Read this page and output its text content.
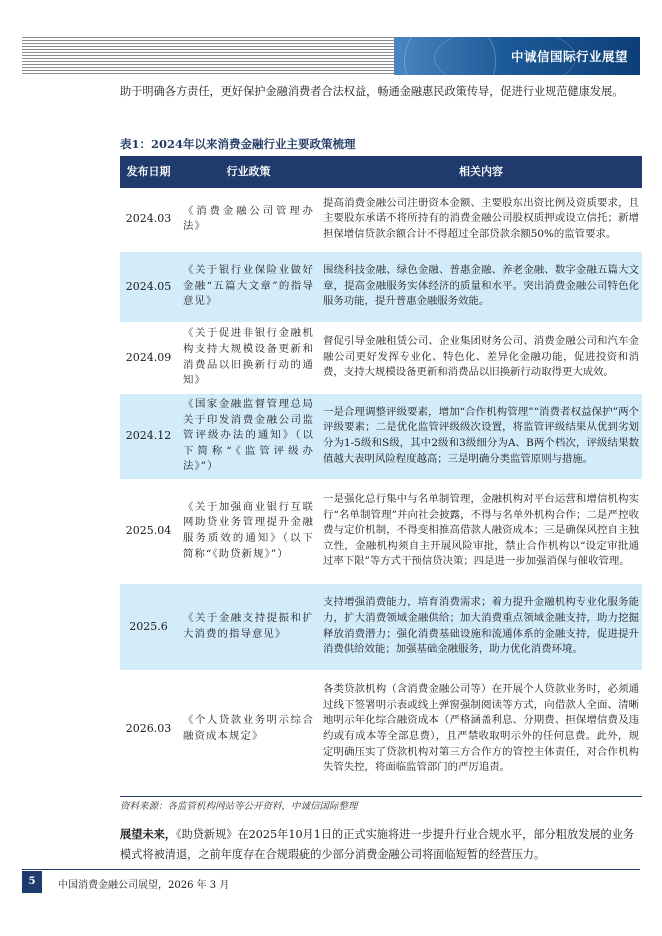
中诚信国际行业展望
助于明确各方责任，更好保护金融消费者合法权益，畅通金融惠民政策传导，促进行业规范健康发展。
表1：2024年以来消费金融行业主要政策梳理
发布日期	行业政策	相关内容
2024.03	《消费金融公司管理办法》	提高消费金融公司注册资本金额、主要股东出资比例及资质要求，且主要股东承诺不将所持有的消费金融公司股权质押或设立信托；新增担保增信贷款余额合计不得超过全部贷款余额50%的监管要求。
2024.05	《关于银行业保险业做好金融“五篇大文章”的指导意见》	围绕科技金融、绿色金融、普惠金融、养老金融、数字金融五篇大文章，提高金融服务实体经济的质量和水平。突出消费金融公司特色化服务功能，提升普惠金融服务效能。
2024.09	《关于促进非银行金融机构支持大规模设备更新和消费品以旧换新行动的通知》	督促引导金融租赁公司、企业集团财务公司、消费金融公司和汽车金融公司更好发挥专业化、特色化、差异化金融功能，促进投资和消费，支持大规模设备更新和消费品以旧换新行动取得更大成效。
2024.12	《国家金融监督管理总局关于印发消费金融公司监管评级办法的通知》（以下简称“《监管评级办法》”）	一是合理调整评级要素，增加“合作机构管理”“消费者权益保护”两个评级要素；二是优化监管评级级次设置，将监管评级结果从优到劣划分为1-5级和S级，其中2级和3级细分为A、B两个档次，评级结果数值越大表明风险程度越高；三是明确分类监管原则与措施。
2025.04	《关于加强商业银行互联网助贷业务管理提升金融服务质效的通知》（以下简称“《助贷新规》”）	一是强化总行集中与名单制管理，金融机构对平台运营和增信机构实行“名单制管理”并向社会披露，不得与名单外机构合作；二是严控收费与定价机制，不得变相推高借款人融资成本；三是确保风控自主独立性，金融机构须自主开展风险审批，禁止合作机构以“设定审批通过率下限”等方式干预信贷决策；四是进一步加强消保与催收管理。
2025.6	《关于金融支持提振和扩大消费的指导意见》	支持增强消费能力，培育消费需求；着力提升金融机构专业化服务能力，扩大消费领域金融供给；加大消费重点领域金融支持，助力挖掘释放消费潜力；强化消费基础设施和流通体系的金融支持，促进提升消费供给效能；加强基础金融服务，助力优化消费环境。
2026.03	《个人贷款业务明示综合融资成本规定》	各类贷款机构（含消费金融公司等）在开展个人贷款业务时，必须通过线下签署明示表或线上弹窗强制阅读等方式，向借款人全面、清晰地明示年化综合融资成本（严格涵盖利息、分期费、担保增信费及违约或有成本等全部息费），且严禁收取明示外的任何息费。此外，规定明确压实了贷款机构对第三方合作方的管控主体责任，对合作机构失管失控，将面临监管部门的严厉追责。
资料来源：各监管机构网站等公开资料，中诚信国际整理
展望未来，《助贷新规》在2025年10月1日的正式实施将进一步提升行业合规水平，部分粗放发展的业务模式将被清退，之前年度存在合规瑕疵的少部分消费金融公司将面临短暂的经营压力。
5	中国消费金融公司展望，2026 年 3 月
